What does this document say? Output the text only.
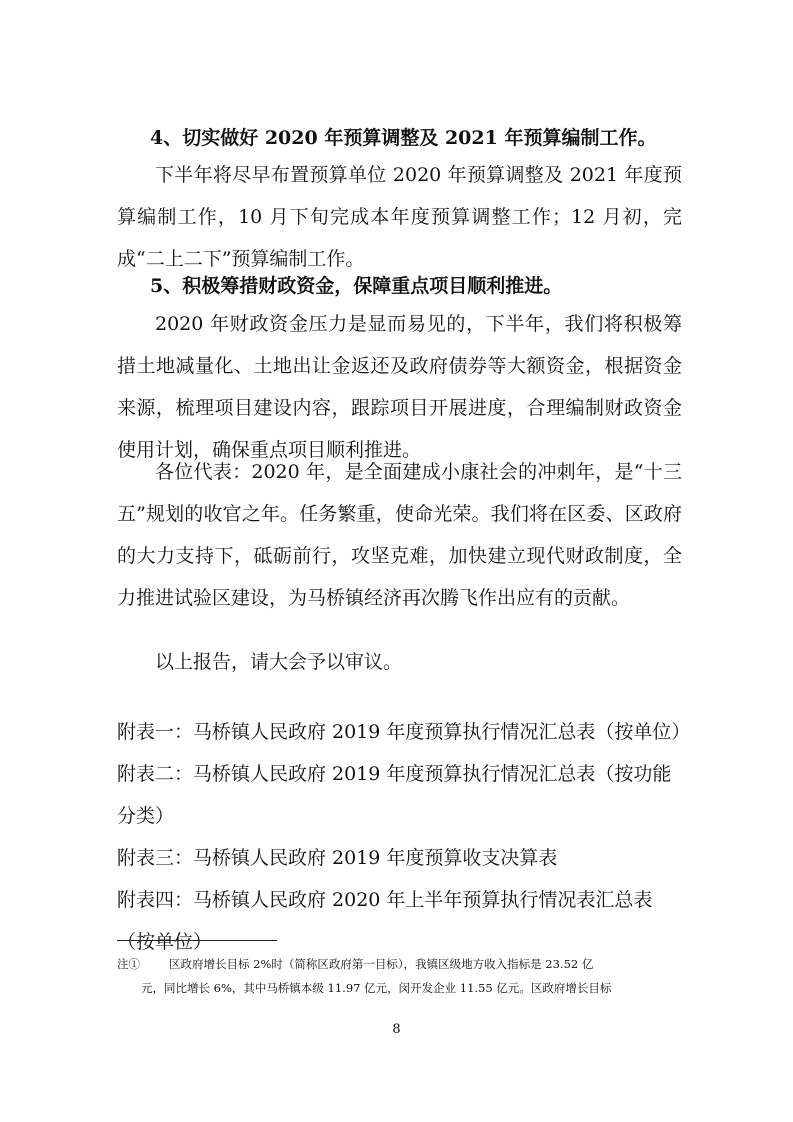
4、切实做好 2020 年预算调整及 2021 年预算编制工作。
下半年将尽早布置预算单位 2020 年预算调整及 2021 年度预算编制工作，10 月下旬完成本年度预算调整工作；12 月初，完成“二上二下”预算编制工作。
5、积极筹措财政资金，保障重点项目顺利推进。
2020 年财政资金压力是显而易见的，下半年，我们将积极筹措土地减量化、土地出让金返还及政府债券等大额资金，根据资金来源，梳理项目建设内容，跟踪项目开展进度，合理编制财政资金使用计划，确保重点项目顺利推进。
各位代表：2020 年，是全面建成小康社会的冲刺年，是“十三五”规划的收官之年。任务繁重，使命光荣。我们将在区委、区政府的大力支持下，砥砺前行，攻坚克难，加快建立现代财政制度，全力推进试验区建设，为马桥镇经济再次腾飞作出应有的贡献。
以上报告，请大会予以审议。

附表一：马桥镇人民政府 2019 年度预算执行情况汇总表（按单位）

附表二：马桥镇人民政府 2019 年度预算执行情况汇总表（按功能分类）

附表三：马桥镇人民政府 2019 年度预算收支决算表

附表四：马桥镇人民政府 2020 年上半年预算执行情况表汇总表（按单位）

注①	区政府增长目标 2%时（简称区政府第一目标），我镇区级地方收入指标是 23.52 亿
元，同比增长 6%，其中马桥镇本级 11.97 亿元，闵开发企业 11.55 亿元。区政府增长目标
8
